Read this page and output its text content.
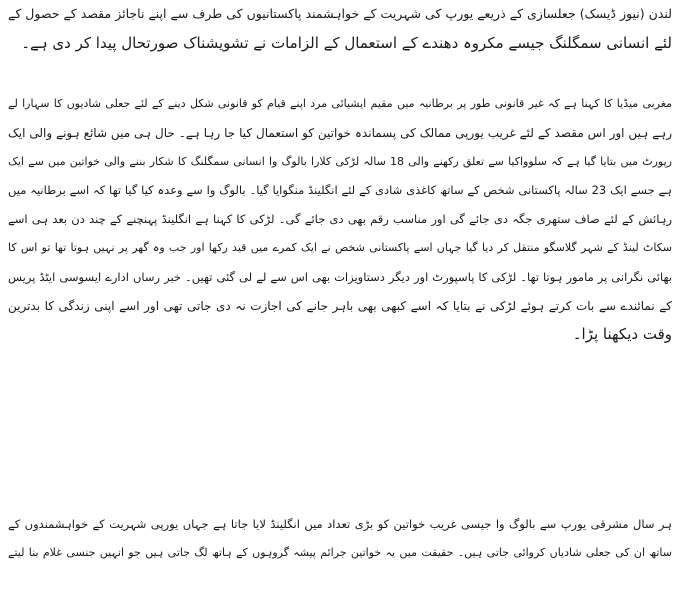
لندن (نیوز ڈیسک) جعلسازی کے ذریعے یورپ کی شہریت کے خواہشمند پاکستانیوں کی طرف سے اپنے ناجائز مقصد کے حصول کے
لئے انسانی سمگلنگ جیسے مکروہ دھندے کے استعمال کے الزامات نے تشویشناک صورتحال پیدا کر دی ہے۔
مغربی میڈیا کا کہنا ہے کہ غیر قانونی طور پر برطانیہ میں مقیم ایشیائی مرد اپنے قیام کو قانونی شکل دینے کے لئے جعلی شادیوں کا سہارا لے
رہے ہیں اور اس مقصد کے لئے غریب یورپی ممالک کی پسماندہ خواتین کو استعمال کیا جا رہا ہے۔ حال ہی میں شائع ہونے والی ایک
رپورٹ میں بتایا گیا ہے کہ سلوواکیا سے تعلق رکھنے والی 18 سالہ لڑکی کلارا بالوگ وا انسانی سمگلنگ کا شکار بننے والی خواتین میں سے ایک
ہے جسے ایک 23 سالہ پاکستانی شخص کے ساتھ کاغذی شادی کے لئے انگلینڈ منگوایا گیا۔ بالوگ وا سے وعدہ کیا گیا تھا کہ اسے برطانیہ میں
رہائش کے لئے صاف ستھری جگہ دی جائے گی اور مناسب رقم بھی دی جائے گی۔ لڑکی کا کہنا ہے انگلینڈ پہنچنے کے چند دن بعد ہی اسے
سکاٹ لینڈ کے شہر گلاسگو منتقل کر دیا گیا جہاں اسے پاکستانی شخص نے ایک کمرے میں قید رکھا اور جب وہ گھر پر نہیں ہوتا تھا تو اس کا
بھائی نگرانی پر مامور ہوتا تھا۔ لڑکی کا پاسپورٹ اور دیگر دستاویزات بھی اس سے لے لی گئی تھیں۔ خبر رساں ادارے ایسوسی ایٹڈ پریس
کے نمائندے سے بات کرتے ہوئے لڑکی نے بتایا کہ اسے کبھی بھی باہر جانے کی اجازت نہ دی جاتی تھی اور اسے اپنی زندگی کا بدترین
وقت دیکھنا پڑا۔
ہر سال مشرقی یورپ سے بالوگ وا جیسی غریب خواتین کو بڑی تعداد میں انگلینڈ لایا جاتا ہے جہاں یورپی شہریت کے خواہشمندوں کے
ساتھ ان کی جعلی شادیاں کروائی جاتی ہیں۔ حقیقت میں یہ خواتین جرائم پیشہ گروہوں کے ہاتھ لگ جاتی ہیں جو انہیں جنسی غلام بنا لیتے
